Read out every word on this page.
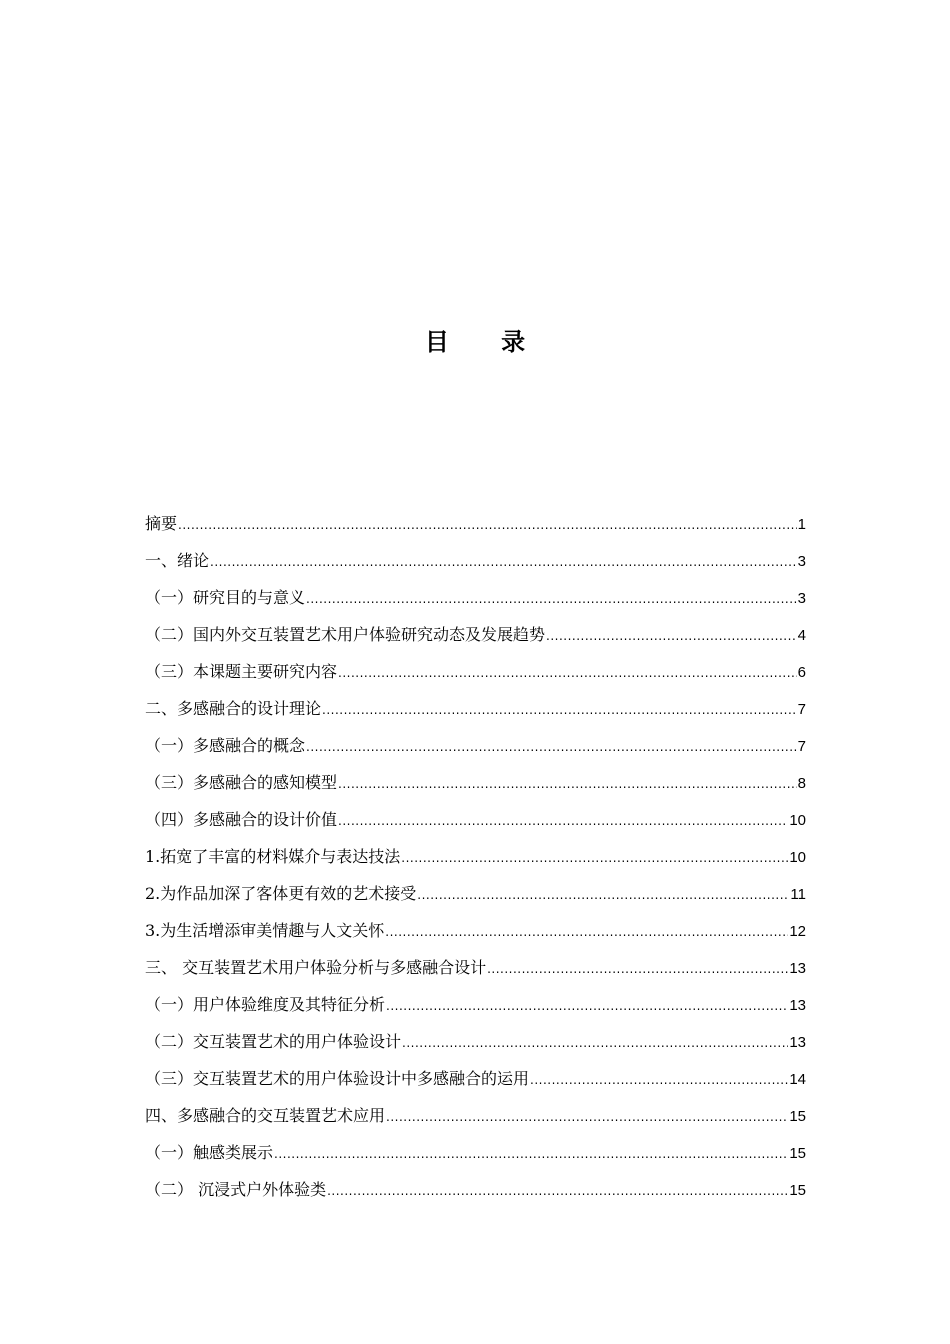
目 录
摘要 .....	1
一、绪论 .....	3
（一）研究目的与意义 .....	3
（二）国内外交互装置艺术用户体验研究动态及发展趋势 .....	4
（三）本课题主要研究内容 .....	6
二、多感融合的设计理论 .....	7
（一）多感融合的概念 .....	7
（三）多感融合的感知模型 .....	8
（四）多感融合的设计价值 .....	10
1.拓宽了丰富的材料媒介与表达技法 .....	10
2.为作品加深了客体更有效的艺术接受 .....	11
3.为生活增添审美情趣与人文关怀 .....	12
三、 交互装置艺术用户体验分析与多感融合设计 .....	13
（一）用户体验维度及其特征分析 .....	13
（二）交互装置艺术的用户体验设计 .....	13
（三）交互装置艺术的用户体验设计中多感融合的运用 .....	14
四、多感融合的交互装置艺术应用 .....	15
（一）触感类展示 .....	15
（二） 沉浸式户外体验类 .....	15
